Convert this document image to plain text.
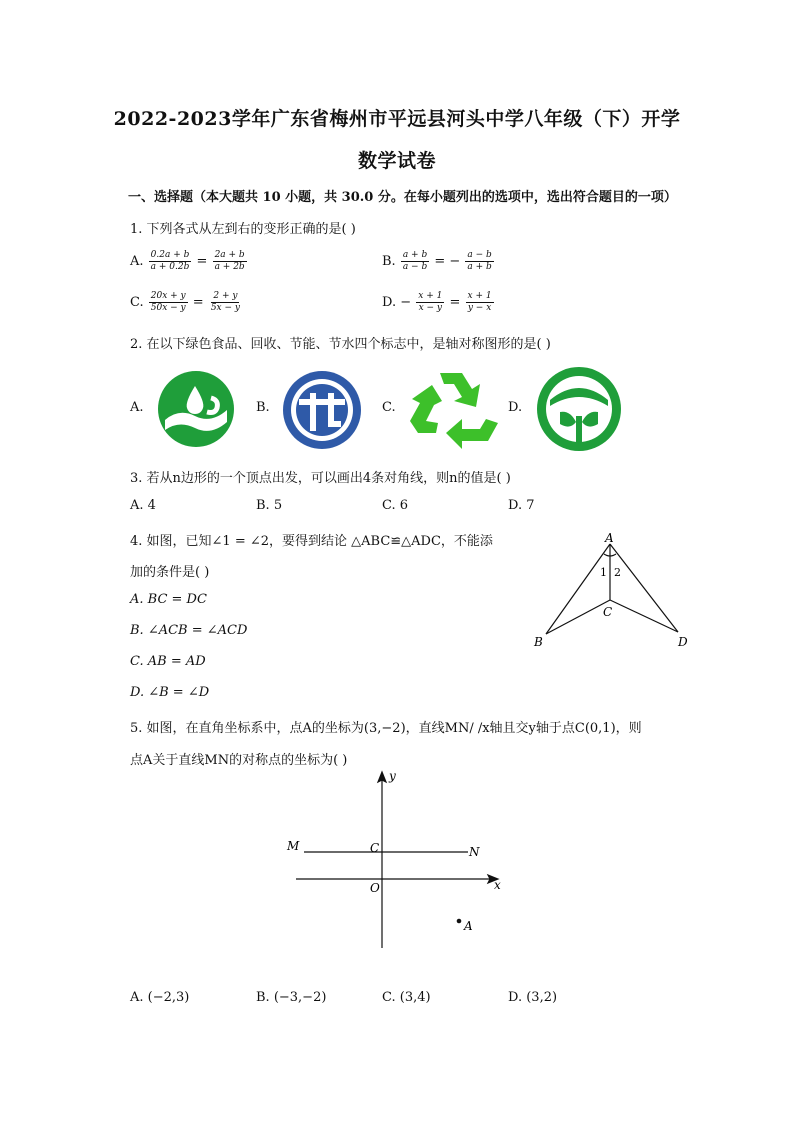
2022-2023学年广东省梅州市平远县河头中学八年级（下）开学
数学试卷
一、选择题（本大题共 10 小题，共 30.0 分。在每小题列出的选项中，选出符合题目的一项）
1. 下列各式从左到右的变形正确的是( )
A. $\frac{0.2a + b}{a + 0.2b} = \frac{2a + b}{a + 2b}$	B. $\frac{a + b}{a - b}$ = − $\frac{a - b}{a + b}$
C. $\frac{20x + y}{50x - y} = \frac{2 + y}{5x - y}$	D. − $\frac{x + 1}{x - y} = \frac{x + 1}{y - x}$
2. 在以下绿色食品、回收、节能、节水四个标志中，是轴对称图形的是( )
A.	B.	C.	D.
3. 若从n边形的一个顶点出发，可以画出4条对角线，则n的值是( )
A. 4	B. 5	C. 6	D. 7
4. 如图，已知∠1 = ∠2，要得到结论 △ABC≌△ADC，不能添
加的条件是( )
A. BC = DC
B. ∠ACB = ∠ACD
C. AB = AD
D. ∠B = ∠D
A
1 2
C
B	D
5. 如图，在直角坐标系中，点A的坐标为(3,−2)，直线MN/ /x轴且交y轴于点C(0,1)，则
点A关于直线MN的对称点的坐标为( )
y
x
M	N
C
O
A
A. (−2,3)	B. (−3,−2)	C. (3,4)	D. (3,2)
